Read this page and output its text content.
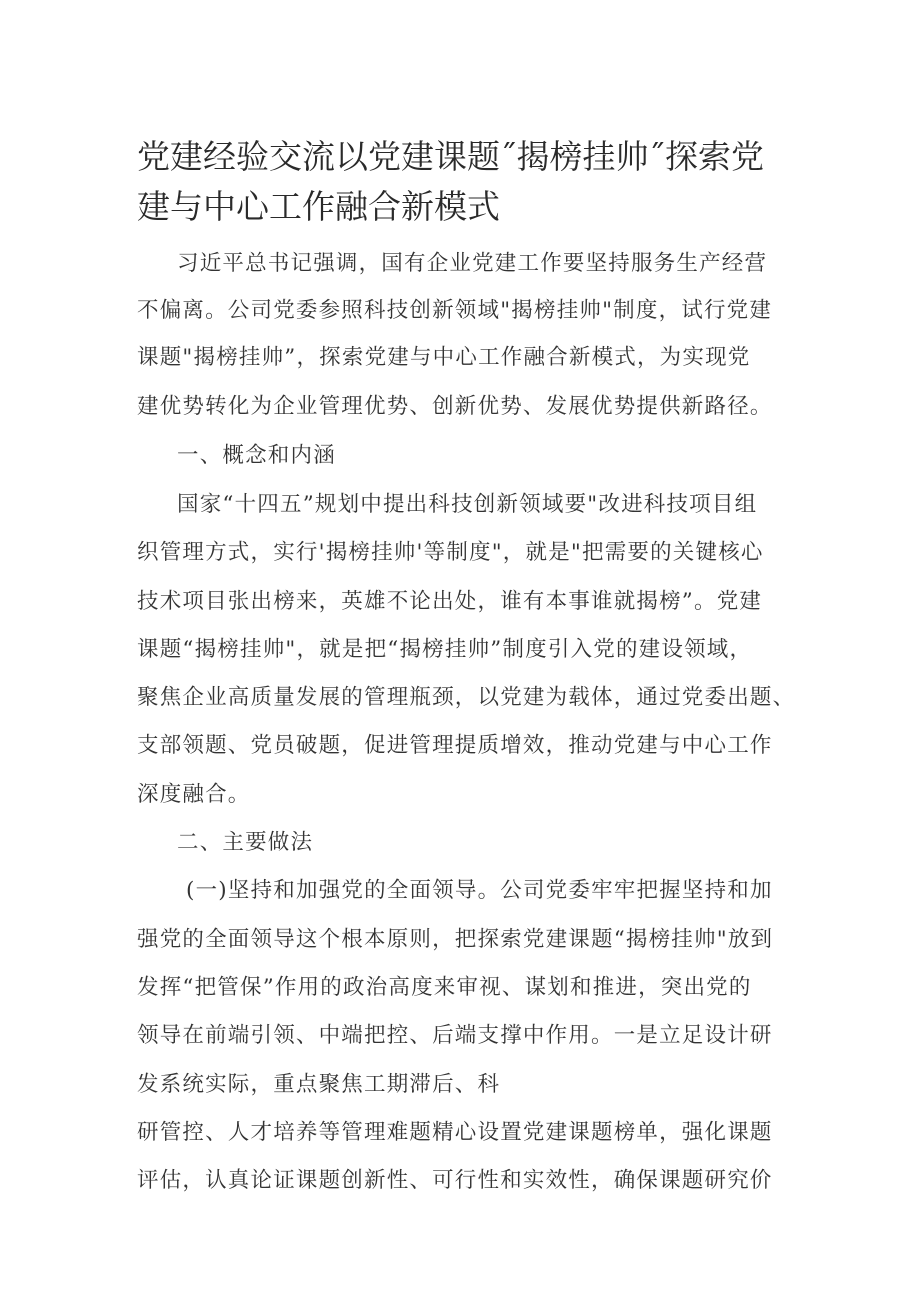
党建经验交流以党建课题˝揭榜挂帅˝探索党
建与中心工作融合新模式
习近平总书记强调，国有企业党建工作要坚持服务生产经营
不偏离。公司党委参照科技创新领域"揭榜挂帅"制度，试行党建
课题"揭榜挂帅”，探索党建与中心工作融合新模式，为实现党
建优势转化为企业管理优势、创新优势、发展优势提供新路径。
一、概念和内涵
国家“十四五”规划中提出科技创新领域要"改进科技项目组
织管理方式，实行'揭榜挂帅'等制度"，就是"把需要的关键核心
技术项目张出榜来，英雄不论出处，谁有本事谁就揭榜”。党建
课题“揭榜挂帅"，就是把“揭榜挂帅”制度引入党的建设领域，
聚焦企业高质量发展的管理瓶颈，以党建为载体，通过党委出题、
支部领题、党员破题，促进管理提质增效，推动党建与中心工作
深度融合。
二、主要做法
(一)坚持和加强党的全面领导。公司党委牢牢把握坚持和加
强党的全面领导这个根本原则，把探索党建课题“揭榜挂帅"放到
发挥“把管保”作用的政治高度来审视、谋划和推进，突出党的
领导在前端引领、中端把控、后端支撑中作用。一是立足设计研
发系统实际，重点聚焦工期滞后、科
研管控、人才培养等管理难题精心设置党建课题榜单，强化课题
评估，认真论证课题创新性、可行性和实效性，确保课题研究价
